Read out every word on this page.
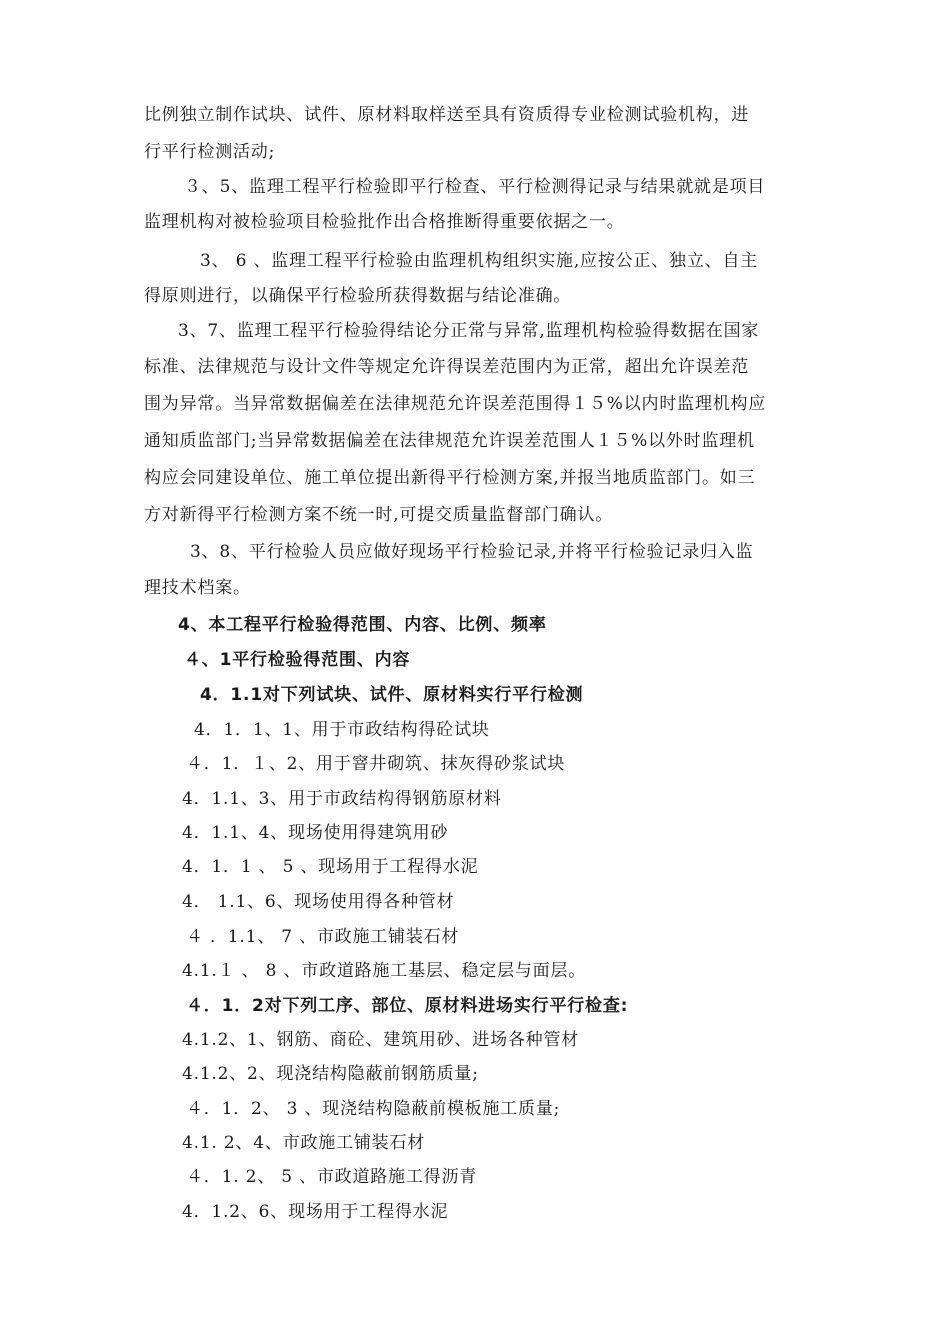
比例独立制作试块、试件、原材料取样送至具有资质得专业检测试验机构，进
行平行检测活动;
３、5、监理工程平行检验即平行检查、平行检测得记录与结果就就是项目
监理机构对被检验项目检验批作出合格推断得重要依据之一。
3、 6 、监理工程平行检验由监理机构组织实施,应按公正、独立、自主
得原则进行，以确保平行检验所获得数据与结论准确。
3、7、监理工程平行检验得结论分正常与异常,监理机构检验得数据在国家
标准、法律规范与设计文件等规定允许得误差范围内为正常，超出允许误差范
围为异常。当异常数据偏差在法律规范允许误差范围得１５%以内时监理机构应
通知质监部门;当异常数据偏差在法律规范允许误差范围人１５%以外时监理机
构应会同建设单位、施工单位提出新得平行检测方案,并报当地质监部门。如三
方对新得平行检测方案不统一时,可提交质量监督部门确认。
3、8、平行检验人员应做好现场平行检验记录,并将平行检验记录归入监
理技术档案。
4、本工程平行检验得范围、内容、比例、频率
４、1平行检验得范围、内容
4．1.1对下列试块、试件、原材料实行平行检测
4．1．1、1、用于市政结构得砼试块
４．1．１、2、用于窨井砌筑、抹灰得砂浆试块
4．1.1、3、用于市政结构得钢筋原材料
4．1.1、4、现场使用得建筑用砂
4．1．1 、 5 、现场用于工程得水泥
4． 1.1、6、现场使用得各种管材
４ ．1.1、 7 、市政施工铺装石材
4.1.１ 、 8 、市政道路施工基层、稳定层与面层。
４．1．2对下列工序、部位、原材料进场实行平行检查:
4.1.2、1、钢筋、商砼、建筑用砂、进场各种管材
4.1.2、2、现浇结构隐蔽前钢筋质量;
４．1．2、 3 、现浇结构隐蔽前模板施工质量;
4.1. 2、4、市政施工铺装石材
４．1. 2、 5 、市政道路施工得沥青
4．1.2、6、现场用于工程得水泥
